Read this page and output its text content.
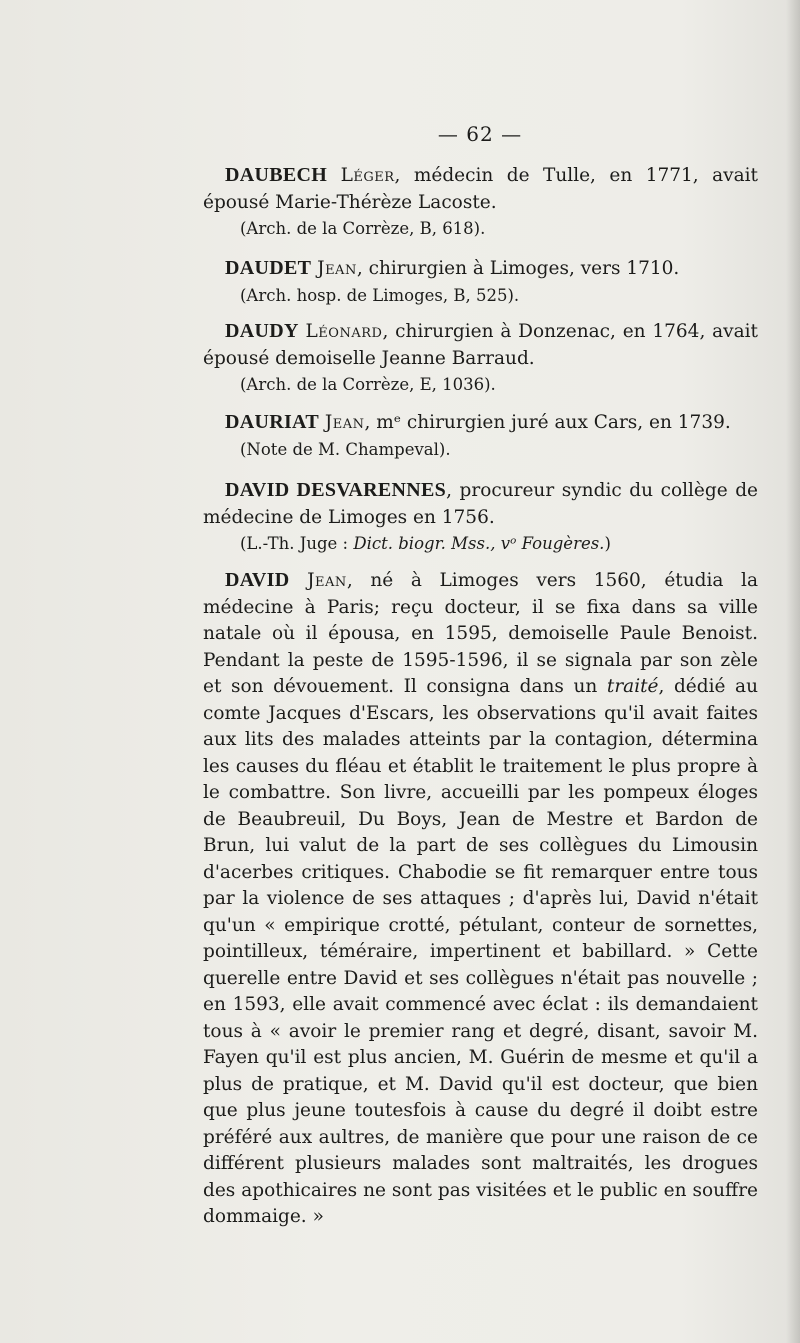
— 62 —

DAUBECH Léger, médecin de Tulle, en 1771, avait épousé Marie-Thérèze Lacoste.

(Arch. de la Corrèze, B, 618).

DAUDET Jean, chirurgien à Limoges, vers 1710.

(Arch. hosp. de Limoges, B, 525).

DAUDY Léonard, chirurgien à Donzenac, en 1764, avait épousé demoiselle Jeanne Barraud.

(Arch. de la Corrèze, E, 1036).

DAURIAT Jean, mᵉ chirurgien juré aux Cars, en 1739.

(Note de M. Champeval).

DAVID DESVARENNES, procureur syndic du collège de médecine de Limoges en 1756.

(L.-Th. Juge : Dict. biogr. Mss., vᵒ Fougères.)

DAVID Jean, né à Limoges vers 1560, étudia la médecine à Paris; reçu docteur, il se fixa dans sa ville natale où il épousa, en 1595, demoiselle Paule Benoist. Pendant la peste de 1595-1596, il se signala par son zèle et son dévouement. Il consigna dans un traité, dédié au comte Jacques d'Escars, les observations qu'il avait faites aux lits des malades atteints par la contagion, détermina les causes du fléau et établit le traitement le plus propre à le combattre. Son livre, accueilli par les pompeux éloges de Beaubreuil, Du Boys, Jean de Mestre et Bardon de Brun, lui valut de la part de ses collègues du Limousin d'acerbes critiques. Chabodie se fit remarquer entre tous par la violence de ses attaques ; d'après lui, David n'était qu'un « empirique crotté, pétulant, conteur de sornettes, pointilleux, téméraire, impertinent et babillard. » Cette querelle entre David et ses collègues n'était pas nouvelle ; en 1593, elle avait commencé avec éclat : ils demandaient tous à « avoir le premier rang et degré, disant, savoir M. Fayen qu'il est plus ancien, M. Guérin de mesme et qu'il a plus de pratique, et M. David qu'il est docteur, que bien que plus jeune toutesfois à cause du degré il doibt estre préféré aux aultres, de manière que pour une raison de ce différent plusieurs malades sont maltraités, les drogues des apothicaires ne sont pas visitées et le public en souffre dommaige. »
